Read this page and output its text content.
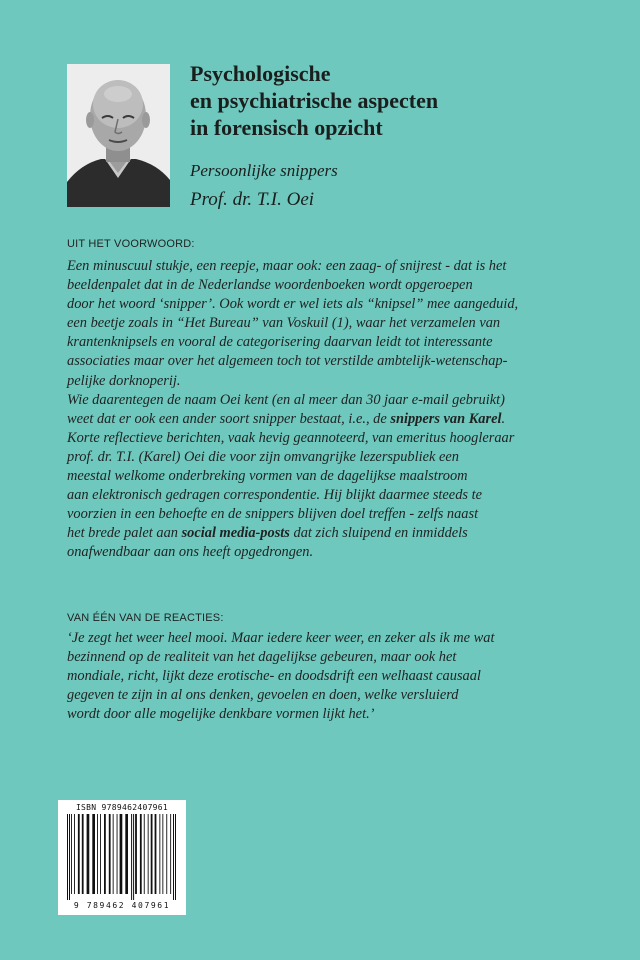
Psychologische
en psychiatrische aspecten
in forensisch opzicht
Persoonlijke snippers
Prof. dr. T.I. Oei
UIT HET VOORWOORD:
Een minuscuul stukje, een reepje, maar ook: een zaag- of snijrest - dat is het
beeldenpalet dat in de Nederlandse woordenboeken wordt opgeroepen
door het woord ‘snipper’. Ook wordt er wel iets als “knipsel” mee aangeduid,
een beetje zoals in “Het Bureau” van Voskuil (1), waar het verzamelen van
krantenknipsels en vooral de categorisering daarvan leidt tot interessante
associaties maar over het algemeen toch tot verstilde ambtelijk-wetenschap-
pelijke dorknoperij.
Wie daarentegen de naam Oei kent (en al meer dan 30 jaar e-mail gebruikt)
weet dat er ook een ander soort snipper bestaat, i.e., de snippers van Karel.
Korte reflectieve berichten, vaak hevig geannoteerd, van emeritus hoogleraar
prof. dr. T.I. (Karel) Oei die voor zijn omvangrijke lezerspubliek een
meestal welkome onderbreking vormen van de dagelijkse maalstroom
aan elektronisch gedragen correspondentie. Hij blijkt daarmee steeds te
voorzien in een behoefte en de snippers blijven doel treffen - zelfs naast
het brede palet aan social media-posts dat zich sluipend en inmiddels
onafwendbaar aan ons heeft opgedrongen.
VAN ÉÉN VAN DE REACTIES:
‘Je zegt het weer heel mooi. Maar iedere keer weer, en zeker als ik me wat
bezinnend op de realiteit van het dagelijkse gebeuren, maar ook het
mondiale, richt, lijkt deze erotische- en doodsdrift een welhaast causaal
gegeven te zijn in al ons denken, gevoelen en doen, welke versluierd
wordt door alle mogelijke denkbare vormen lijkt het.’
ISBN 9789462407961
9 789462 407961
